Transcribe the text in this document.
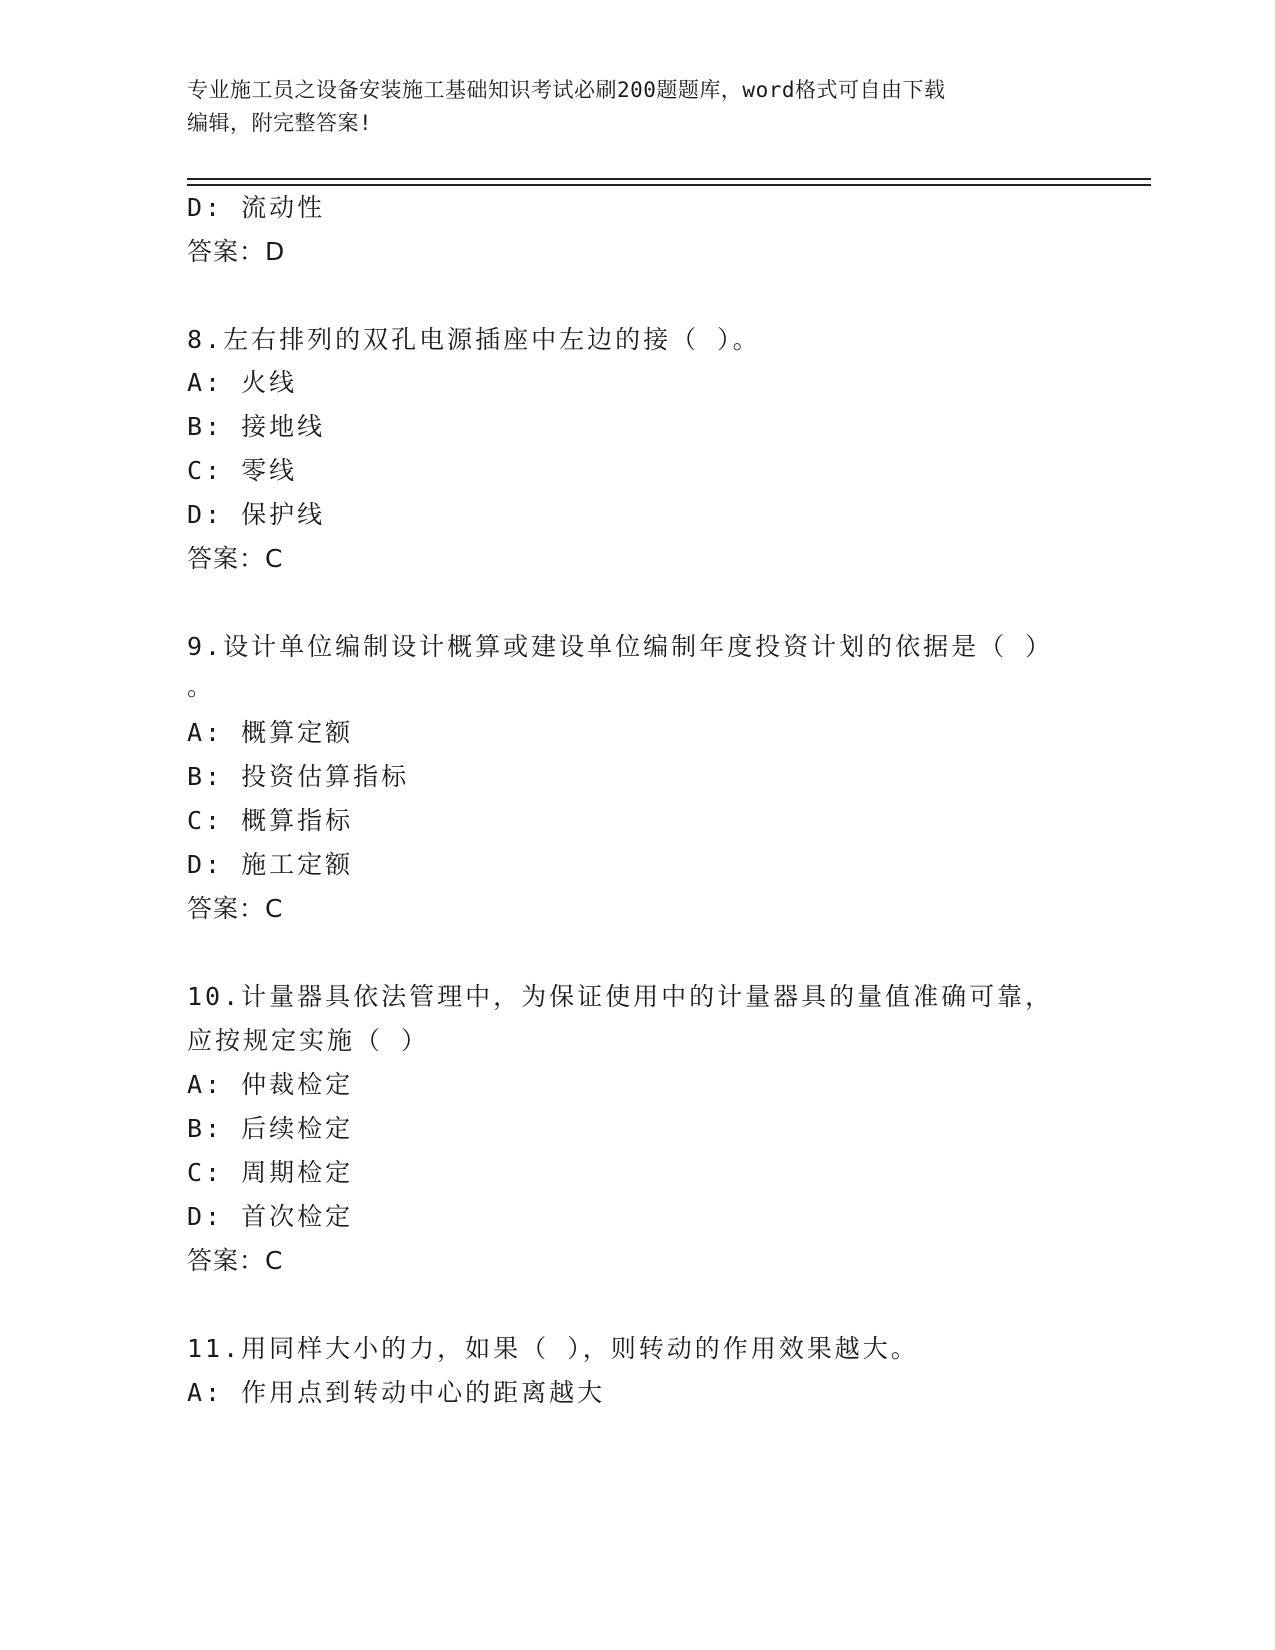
专业施工员之设备安装施工基础知识考试必刷200题题库，word格式可自由下载
编辑，附完整答案!
D: 流动性
答案：D
8.左右排列的双孔电源插座中左边的接（ ）。
A: 火线
B: 接地线
C: 零线
D: 保护线
答案：C
9.设计单位编制设计概算或建设单位编制年度投资计划的依据是（ ）
。
A: 概算定额
B: 投资估算指标
C: 概算指标
D: 施工定额
答案：C
10.计量器具依法管理中，为保证使用中的计量器具的量值准确可靠，
应按规定实施（ ）
A: 仲裁检定
B: 后续检定
C: 周期检定
D: 首次检定
答案：C
11.用同样大小的力，如果（ ），则转动的作用效果越大。
A: 作用点到转动中心的距离越大
